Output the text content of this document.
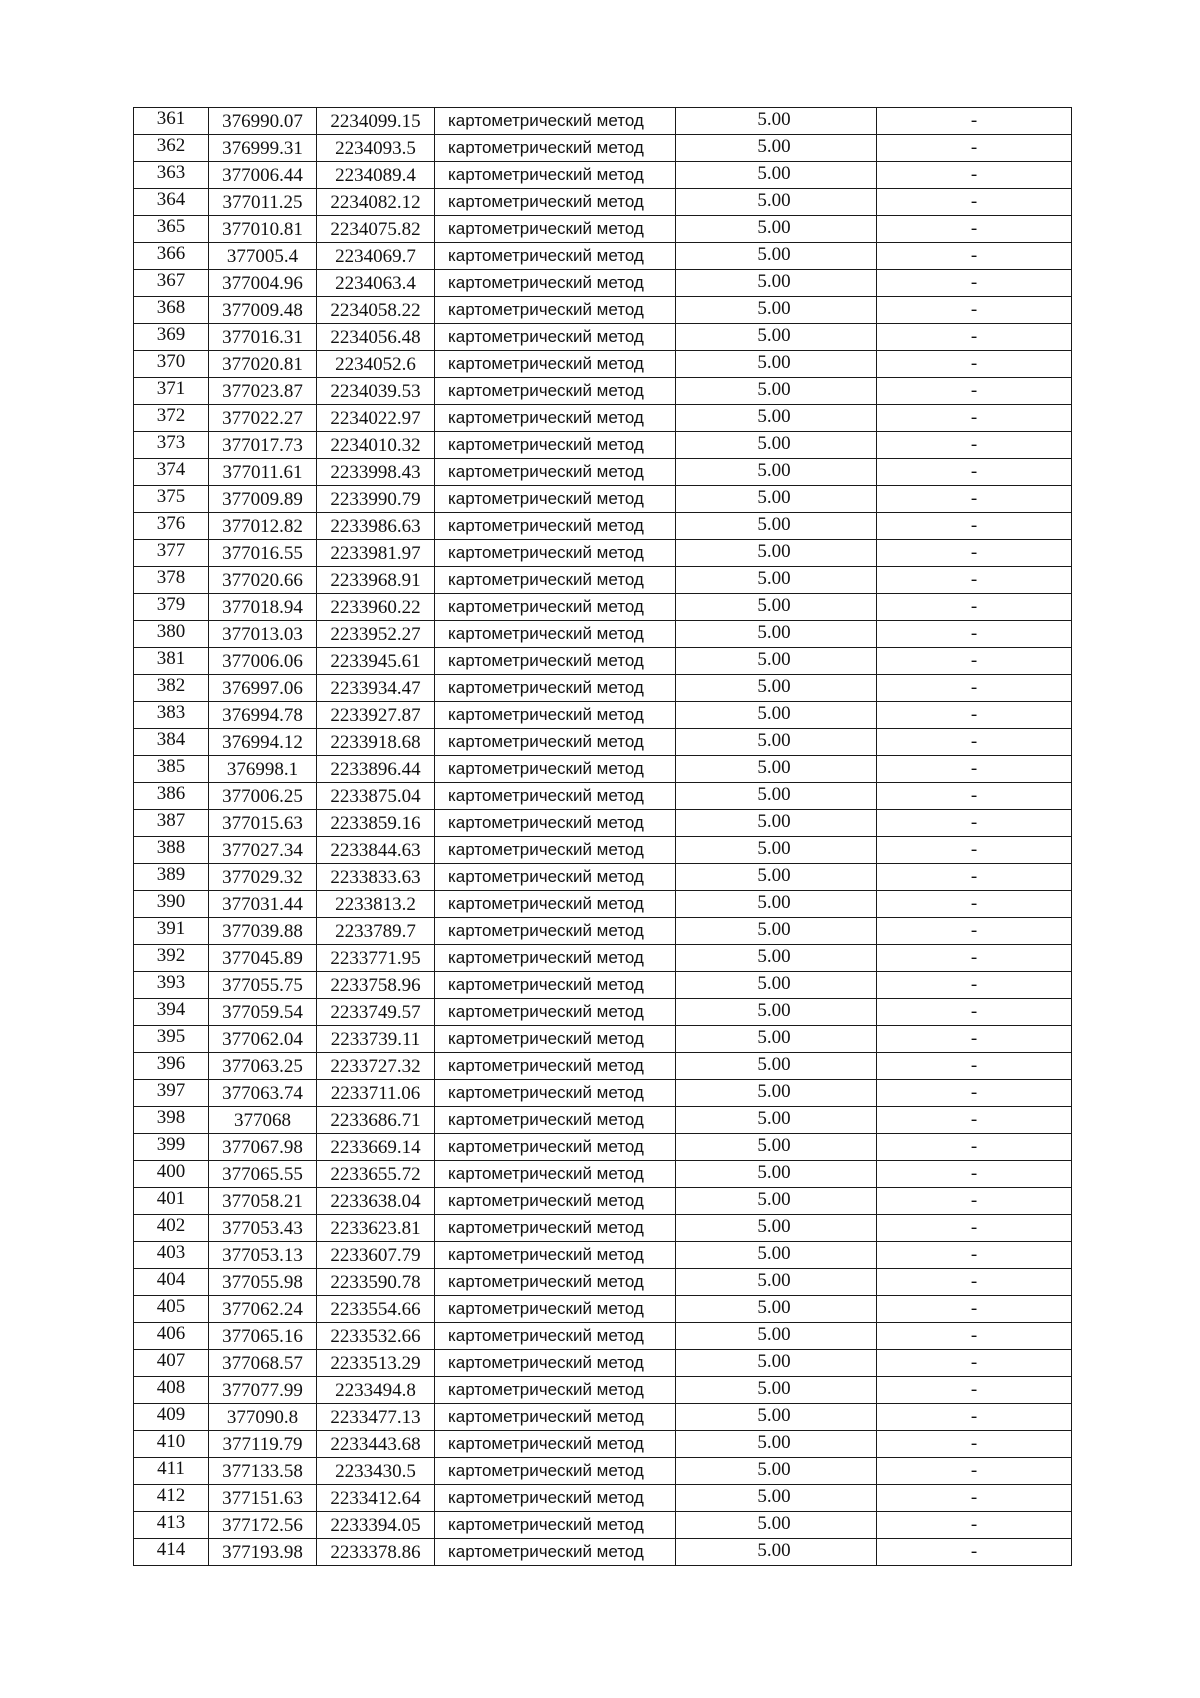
361	376990.07	2234099.15	картометрический метод	5.00	-
362	376999.31	2234093.5	картометрический метод	5.00	-
363	377006.44	2234089.4	картометрический метод	5.00	-
364	377011.25	2234082.12	картометрический метод	5.00	-
365	377010.81	2234075.82	картометрический метод	5.00	-
366	377005.4	2234069.7	картометрический метод	5.00	-
367	377004.96	2234063.4	картометрический метод	5.00	-
368	377009.48	2234058.22	картометрический метод	5.00	-
369	377016.31	2234056.48	картометрический метод	5.00	-
370	377020.81	2234052.6	картометрический метод	5.00	-
371	377023.87	2234039.53	картометрический метод	5.00	-
372	377022.27	2234022.97	картометрический метод	5.00	-
373	377017.73	2234010.32	картометрический метод	5.00	-
374	377011.61	2233998.43	картометрический метод	5.00	-
375	377009.89	2233990.79	картометрический метод	5.00	-
376	377012.82	2233986.63	картометрический метод	5.00	-
377	377016.55	2233981.97	картометрический метод	5.00	-
378	377020.66	2233968.91	картометрический метод	5.00	-
379	377018.94	2233960.22	картометрический метод	5.00	-
380	377013.03	2233952.27	картометрический метод	5.00	-
381	377006.06	2233945.61	картометрический метод	5.00	-
382	376997.06	2233934.47	картометрический метод	5.00	-
383	376994.78	2233927.87	картометрический метод	5.00	-
384	376994.12	2233918.68	картометрический метод	5.00	-
385	376998.1	2233896.44	картометрический метод	5.00	-
386	377006.25	2233875.04	картометрический метод	5.00	-
387	377015.63	2233859.16	картометрический метод	5.00	-
388	377027.34	2233844.63	картометрический метод	5.00	-
389	377029.32	2233833.63	картометрический метод	5.00	-
390	377031.44	2233813.2	картометрический метод	5.00	-
391	377039.88	2233789.7	картометрический метод	5.00	-
392	377045.89	2233771.95	картометрический метод	5.00	-
393	377055.75	2233758.96	картометрический метод	5.00	-
394	377059.54	2233749.57	картометрический метод	5.00	-
395	377062.04	2233739.11	картометрический метод	5.00	-
396	377063.25	2233727.32	картометрический метод	5.00	-
397	377063.74	2233711.06	картометрический метод	5.00	-
398	377068	2233686.71	картометрический метод	5.00	-
399	377067.98	2233669.14	картометрический метод	5.00	-
400	377065.55	2233655.72	картометрический метод	5.00	-
401	377058.21	2233638.04	картометрический метод	5.00	-
402	377053.43	2233623.81	картометрический метод	5.00	-
403	377053.13	2233607.79	картометрический метод	5.00	-
404	377055.98	2233590.78	картометрический метод	5.00	-
405	377062.24	2233554.66	картометрический метод	5.00	-
406	377065.16	2233532.66	картометрический метод	5.00	-
407	377068.57	2233513.29	картометрический метод	5.00	-
408	377077.99	2233494.8	картометрический метод	5.00	-
409	377090.8	2233477.13	картометрический метод	5.00	-
410	377119.79	2233443.68	картометрический метод	5.00	-
411	377133.58	2233430.5	картометрический метод	5.00	-
412	377151.63	2233412.64	картометрический метод	5.00	-
413	377172.56	2233394.05	картометрический метод	5.00	-
414	377193.98	2233378.86	картометрический метод	5.00	-
